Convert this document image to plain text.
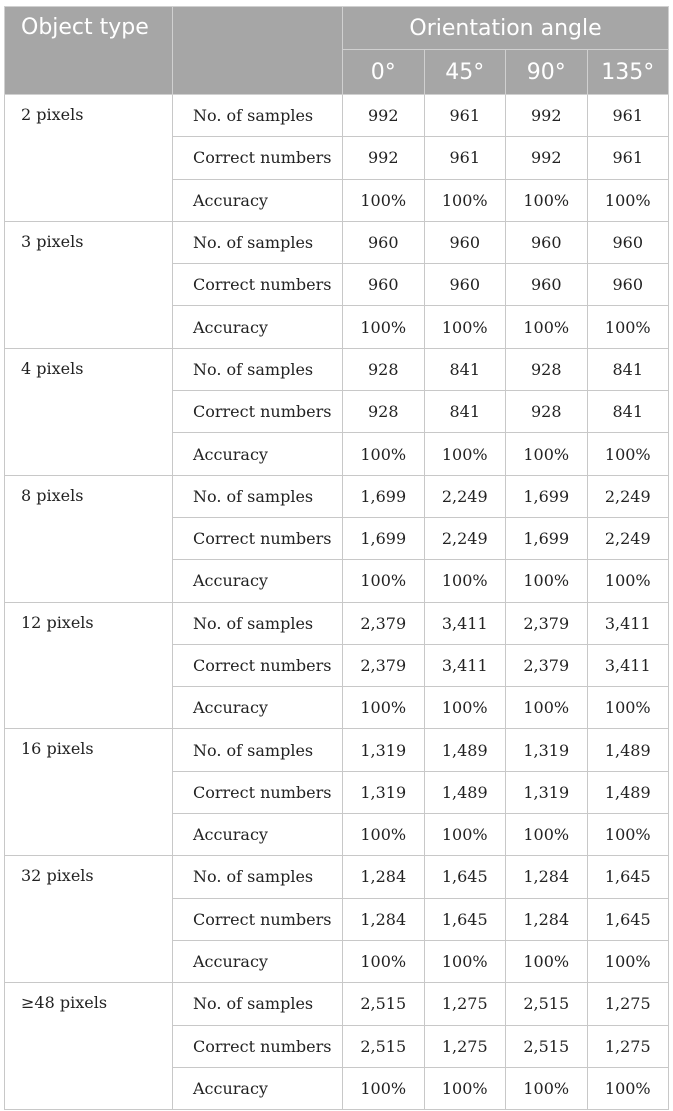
Object type		Orientation angle			
		0°	45°	90°	135°
2 pixels	No. of samples	992	961	992	961
	Correct numbers	992	961	992	961
	Accuracy	100%	100%	100%	100%
3 pixels	No. of samples	960	960	960	960
	Correct numbers	960	960	960	960
	Accuracy	100%	100%	100%	100%
4 pixels	No. of samples	928	841	928	841
	Correct numbers	928	841	928	841
	Accuracy	100%	100%	100%	100%
8 pixels	No. of samples	1,699	2,249	1,699	2,249
	Correct numbers	1,699	2,249	1,699	2,249
	Accuracy	100%	100%	100%	100%
12 pixels	No. of samples	2,379	3,411	2,379	3,411
	Correct numbers	2,379	3,411	2,379	3,411
	Accuracy	100%	100%	100%	100%
16 pixels	No. of samples	1,319	1,489	1,319	1,489
	Correct numbers	1,319	1,489	1,319	1,489
	Accuracy	100%	100%	100%	100%
32 pixels	No. of samples	1,284	1,645	1,284	1,645
	Correct numbers	1,284	1,645	1,284	1,645
	Accuracy	100%	100%	100%	100%
≥48 pixels	No. of samples	2,515	1,275	2,515	1,275
	Correct numbers	2,515	1,275	2,515	1,275
	Accuracy	100%	100%	100%	100%
